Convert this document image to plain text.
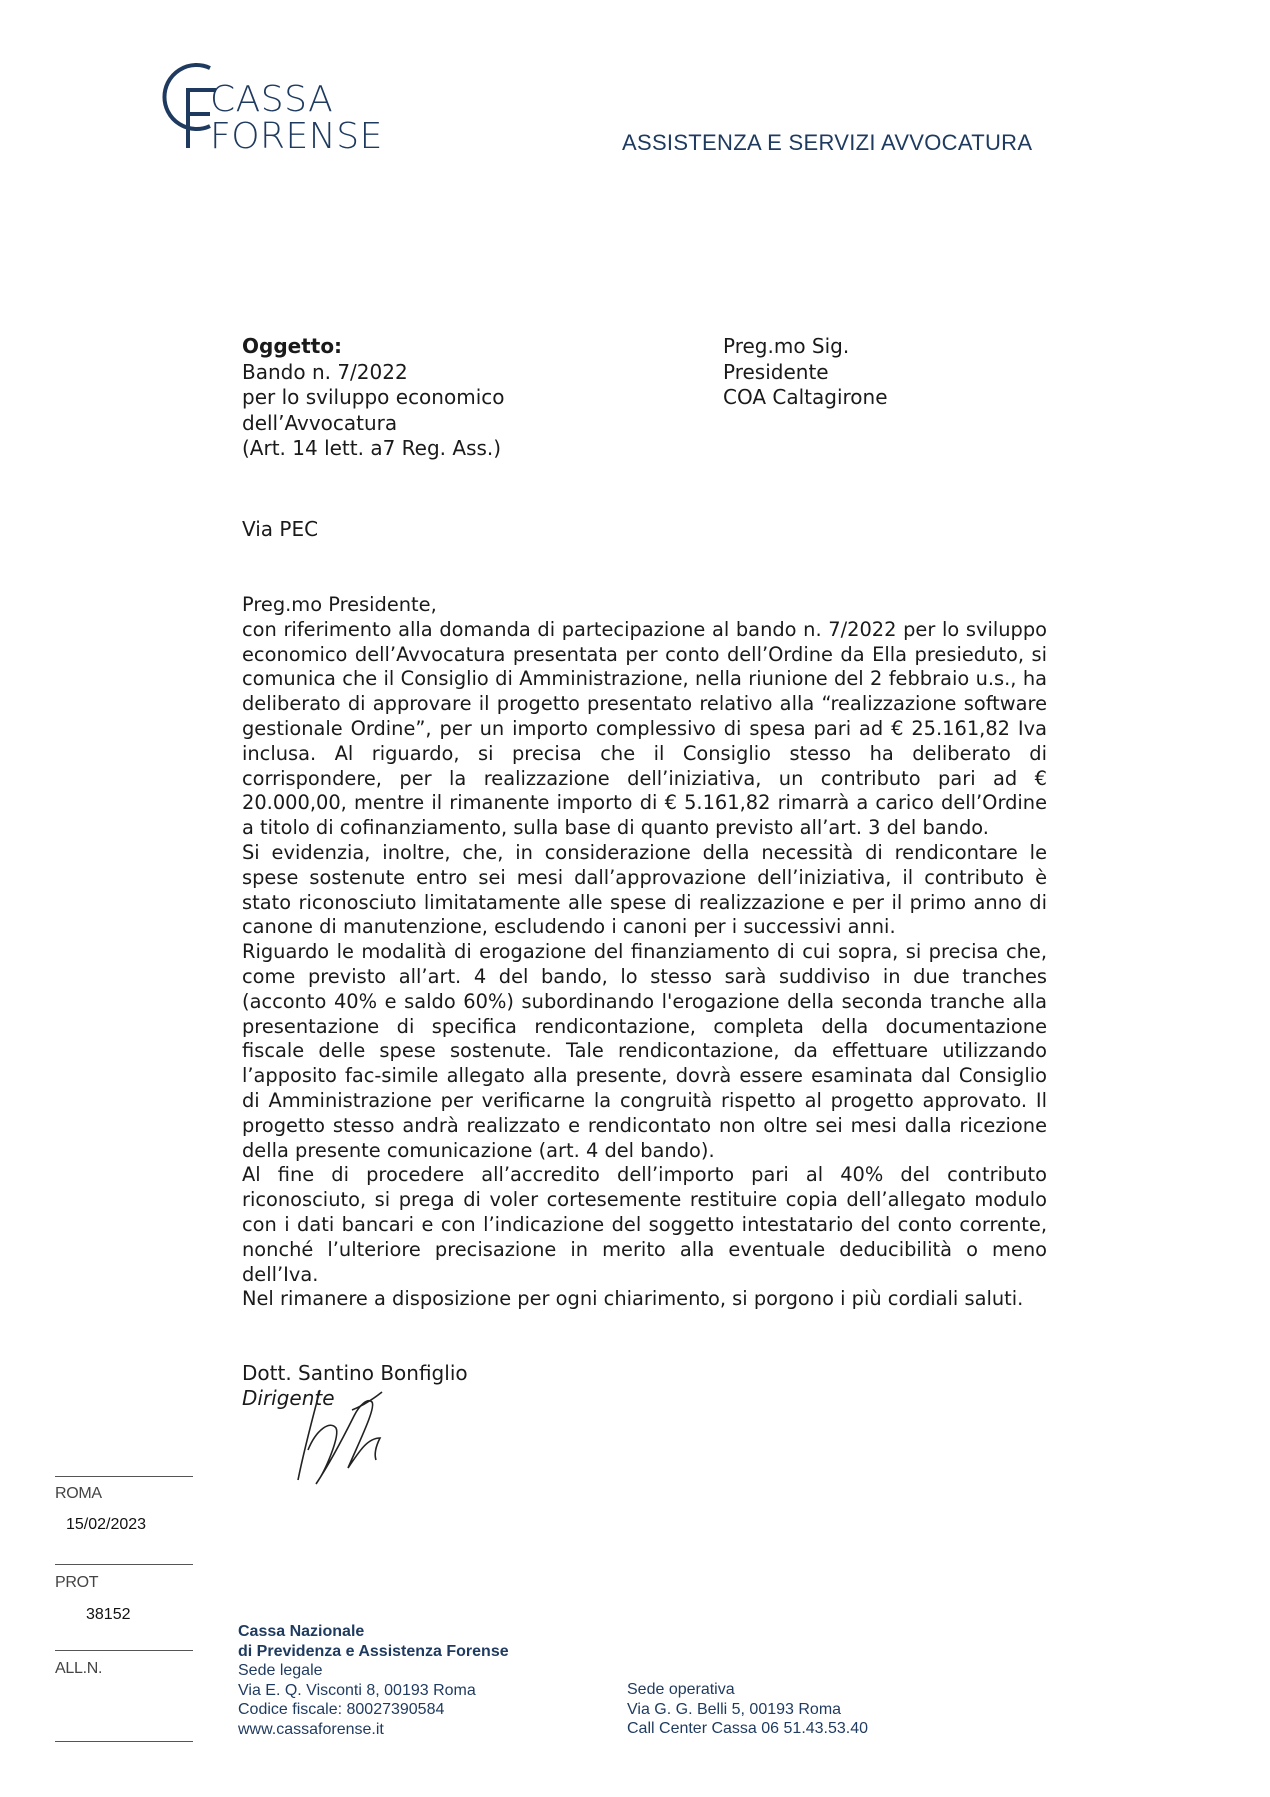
CASSA
FORENSE	ASSISTENZA E SERVIZI AVVOCATURA
Oggetto:
Bando n. 7/2022
per lo sviluppo economico
dell’Avvocatura
(Art. 14 lett. a7 Reg. Ass.)
Preg.mo Sig.
Presidente
COA Caltagirone
Via PEC

Preg.mo Presidente,

con riferimento alla domanda di partecipazione al bando n. 7/2022 per lo sviluppo economico dell’Avvocatura presentata per conto dell’Ordine da Ella presieduto, si comunica che il Consiglio di Amministrazione, nella riunione del 2 febbraio u.s., ha deliberato di approvare il progetto presentato relativo alla “realizzazione software gestionale Ordine”, per un importo complessivo di spesa pari ad € 25.161,82 Iva inclusa. Al riguardo, si precisa che il Consiglio stesso ha deliberato di corrispondere, per la realizzazione dell’iniziativa, un contributo pari ad € 20.000,00, mentre il rimanente importo di € 5.161,82 rimarrà a carico dell’Ordine a titolo di cofinanziamento, sulla base di quanto previsto all’art. 3 del bando.

Si evidenzia, inoltre, che, in considerazione della necessità di rendicontare le spese sostenute entro sei mesi dall’approvazione dell’iniziativa, il contributo è stato riconosciuto limitatamente alle spese di realizzazione e per il primo anno di canone di manutenzione, escludendo i canoni per i successivi anni.

Riguardo le modalità di erogazione del finanziamento di cui sopra, si precisa che, come previsto all’art. 4 del bando, lo stesso sarà suddiviso in due tranches (acconto 40% e saldo 60%) subordinando l'erogazione della seconda tranche alla presentazione di specifica rendicontazione, completa della documentazione fiscale delle spese sostenute. Tale rendicontazione, da effettuare utilizzando l’apposito fac-simile allegato alla presente, dovrà essere esaminata dal Consiglio di Amministrazione per verificarne la congruità rispetto al progetto approvato. Il progetto stesso andrà realizzato e rendicontato non oltre sei mesi dalla ricezione della presente comunicazione (art. 4 del bando).

Al fine di procedere all’accredito dell’importo pari al 40% del contributo riconosciuto, si prega di voler cortesemente restituire copia dell’allegato modulo con i dati bancari e con l’indicazione del soggetto intestatario del conto corrente, nonché l’ulteriore precisazione in merito alla eventuale deducibilità o meno dell’Iva.

Nel rimanere a disposizione per ogni chiarimento, si porgono i più cordiali saluti.

Dott. Santino Bonfiglio
Dirigente
ROMA
15/02/2023
PROT
38152
ALL.N.
Cassa Nazionale
di Previdenza e Assistenza Forense
Sede legale
Via E. Q. Visconti 8, 00193 Roma
Codice fiscale: 80027390584
www.cassaforense.it
Sede operativa
Via G. G. Belli 5, 00193 Roma
Call Center Cassa 06 51.43.53.40
